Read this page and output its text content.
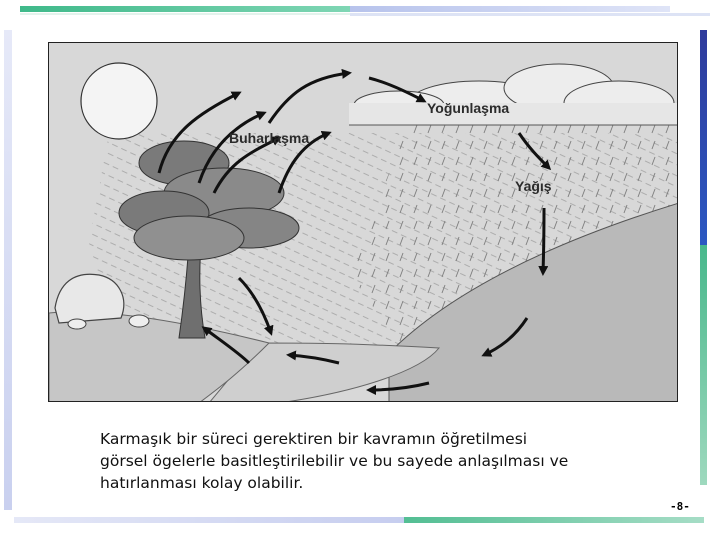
Yoğunlaşma
Buharlaşma
Yağış
Karmaşık bir süreci gerektiren bir kavramın öğretilmesi
görsel ögelerle basitleştirilebilir ve bu sayede anlaşılması ve
hatırlanması kolay olabilir.
-8-
